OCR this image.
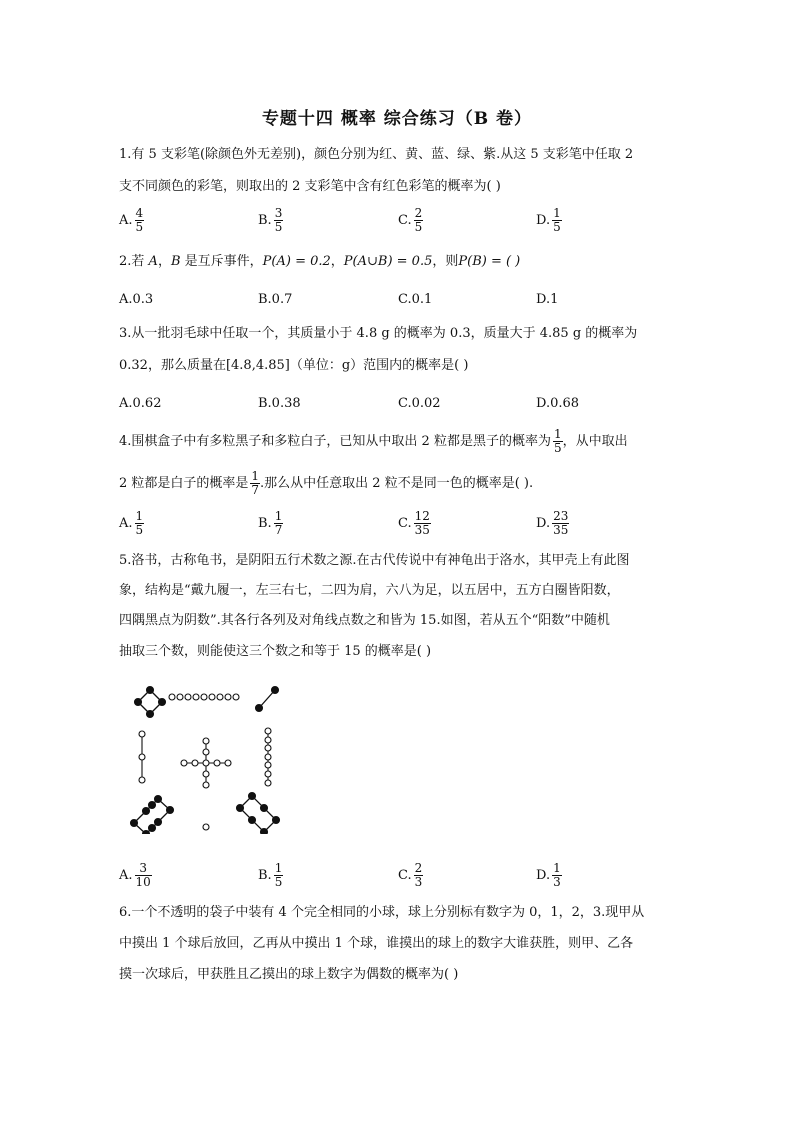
专题十四 概率 综合练习（B 卷）
1.有 5 支彩笔(除颜色外无差别)，颜色分别为红、黄、蓝、绿、紫.从这 5 支彩笔中任取 2
支不同颜色的彩笔，则取出的 2 支彩笔中含有红色彩笔的概率为( )
A. $\frac{4}{5}$	B. $\frac{3}{5}$	C. $\frac{2}{5}$	D. $\frac{1}{5}$
2.若 A，B 是互斥事件，P(A) = 0.2，P(A∪B) = 0.5，则P(B) = ( )
A.0.3	B.0.7	C.0.1	D.1
3.从一批羽毛球中任取一个，其质量小于 4.8 g 的概率为 0.3，质量大于 4.85 g 的概率为
0.32，那么质量在[4.8,4.85]（单位：g）范围内的概率是( )
A.0.62	B.0.38	C.0.02	D.0.68
4.围棋盒子中有多粒黑子和多粒白子，已知从中取出 2 粒都是黑子的概率为 $\frac{1}{5}$ ，从中取出
2 粒都是白子的概率是 $\frac{1}{7}$ .那么从中任意取出 2 粒不是同一色的概率是( ).
A. $\frac{1}{5}$	B. $\frac{1}{7}$	C. $\frac{12}{35}$	D. $\frac{23}{35}$
5.洛书，古称龟书，是阴阳五行术数之源.在古代传说中有神龟出于洛水，其甲壳上有此图
象，结构是“戴九履一，左三右七，二四为肩，六八为足，以五居中，五方白圈皆阳数，
四隅黑点为阴数”.其各行各列及对角线点数之和皆为 15.如图，若从五个“阳数”中随机
抽取三个数，则能使这三个数之和等于 15 的概率是( )
A. $\frac{3}{10}$	B. $\frac{1}{5}$	C. $\frac{2}{3}$	D. $\frac{1}{3}$
6.一个不透明的袋子中装有 4 个完全相同的小球，球上分别标有数字为 0，1，2，3.现甲从
中摸出 1 个球后放回，乙再从中摸出 1 个球，谁摸出的球上的数字大谁获胜，则甲、乙各
摸一次球后，甲获胜且乙摸出的球上数字为偶数的概率为( )
